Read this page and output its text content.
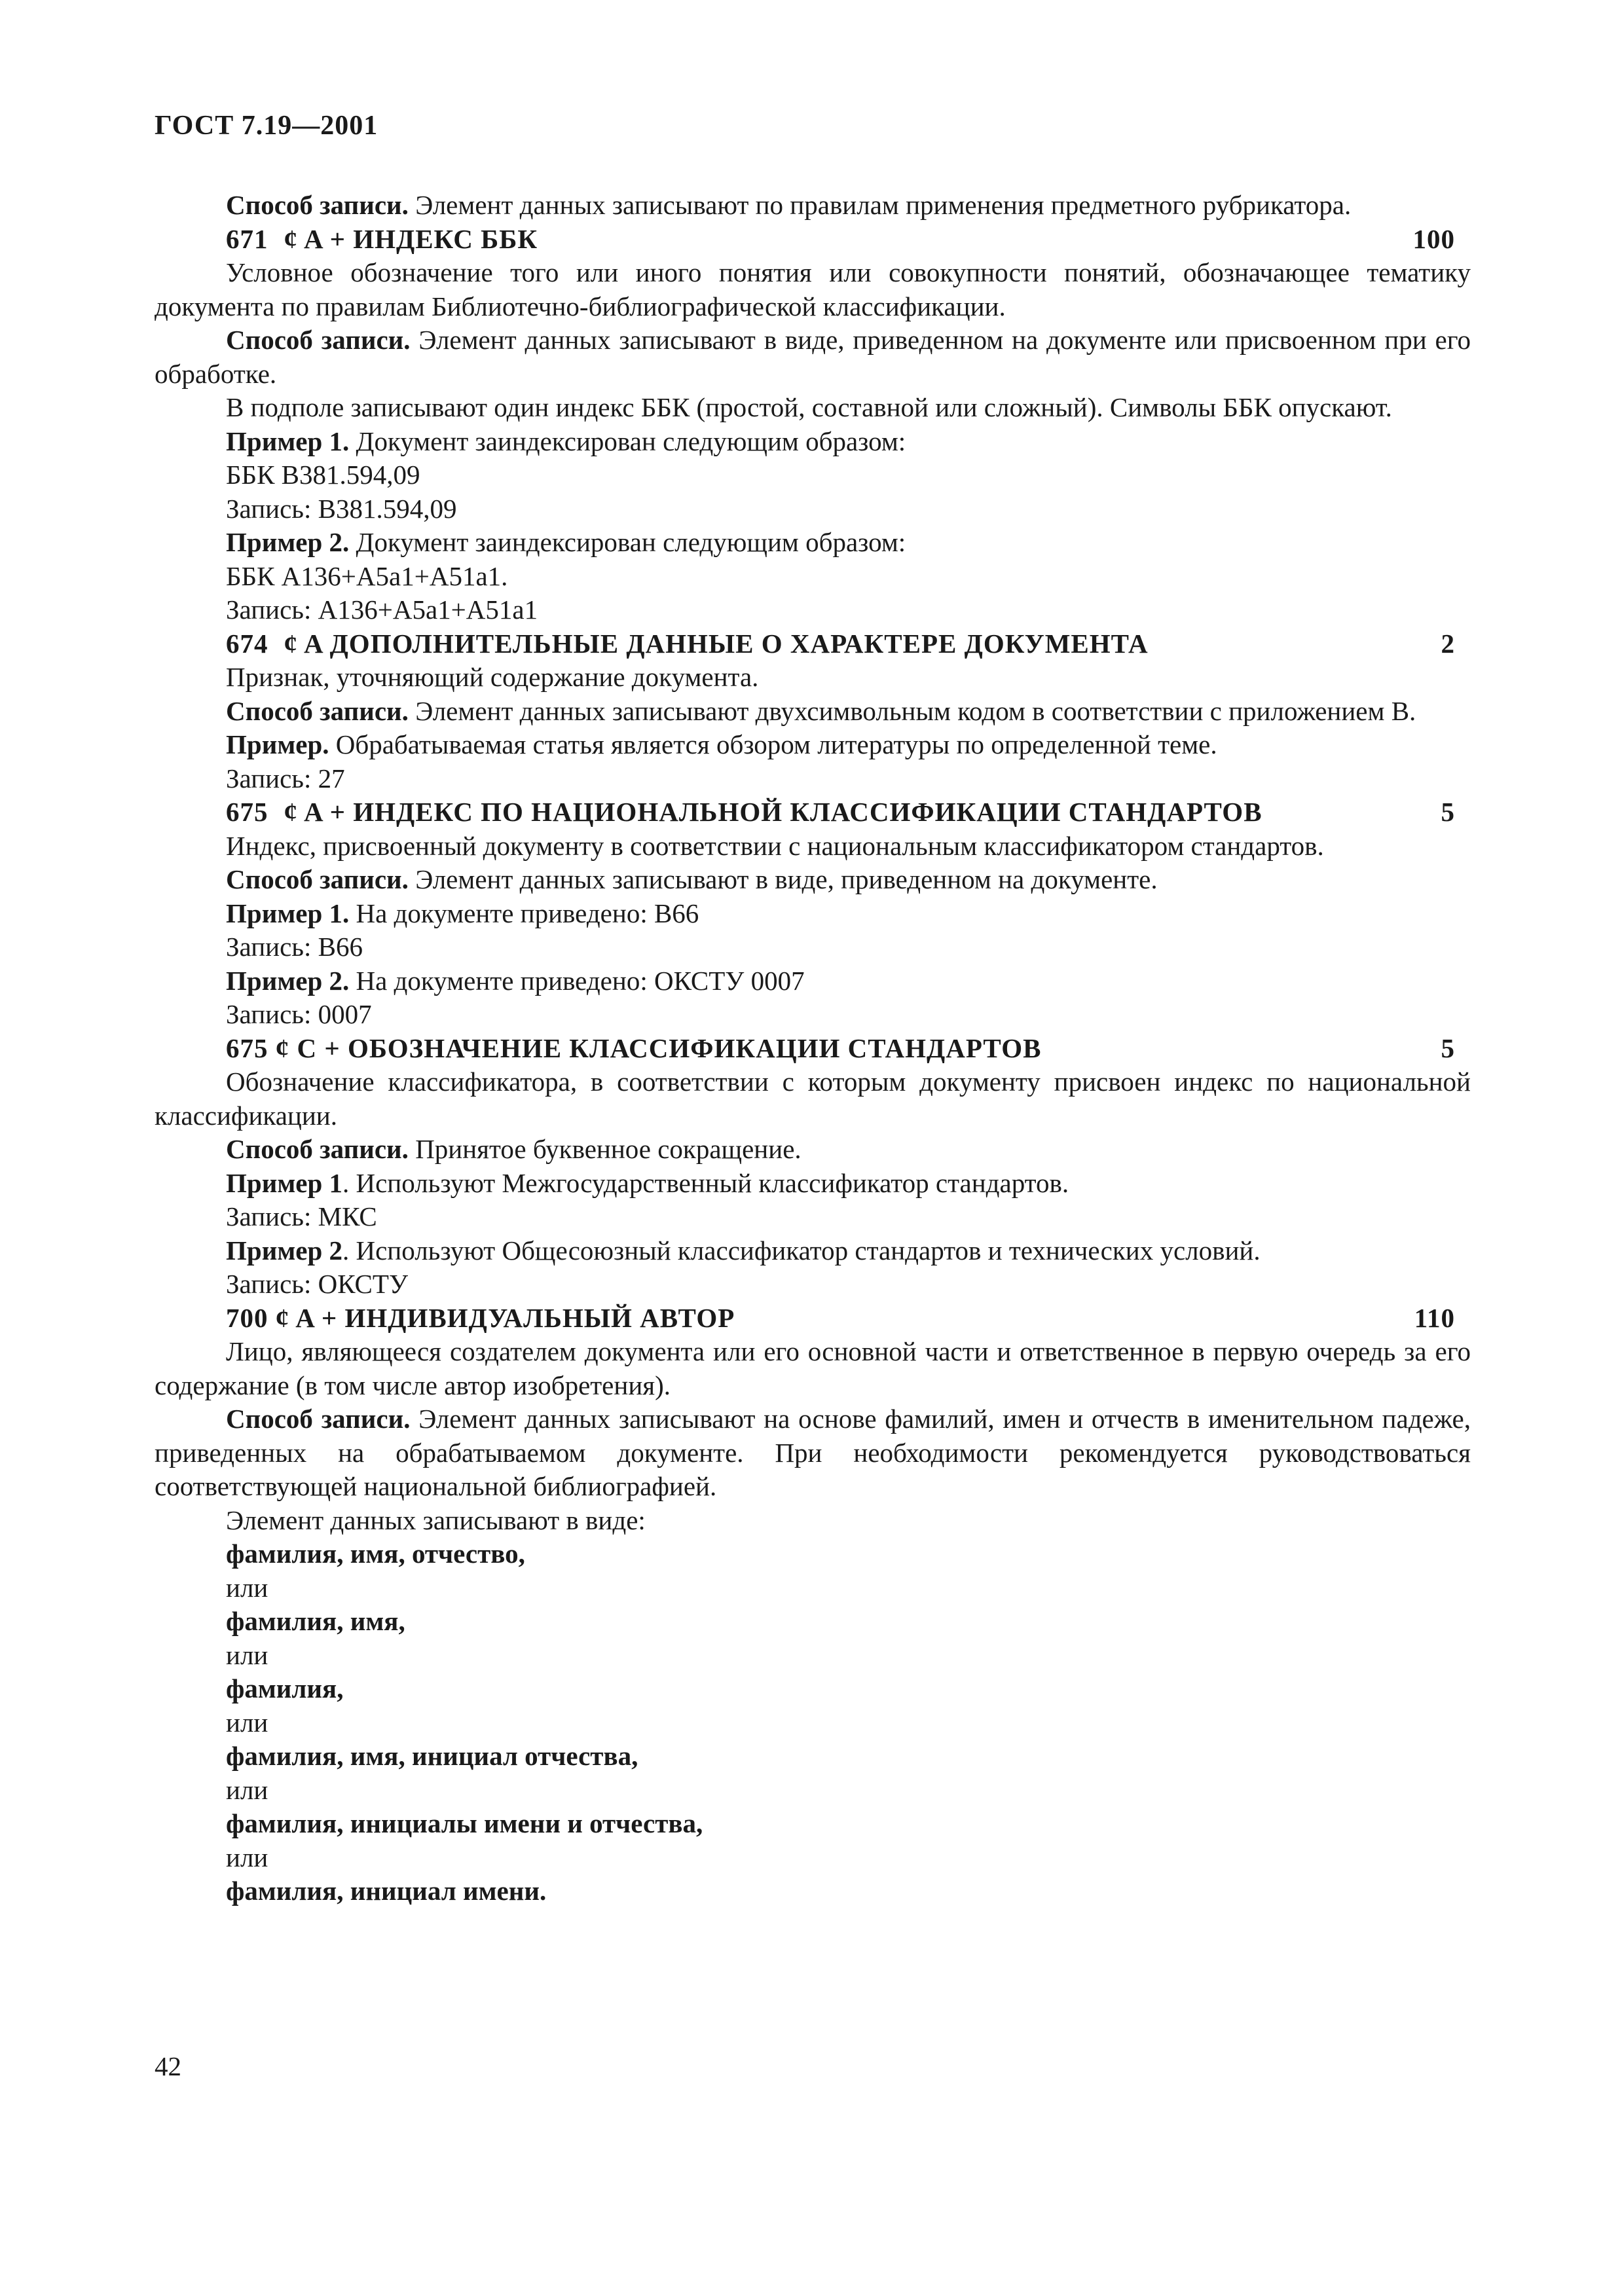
ГОСТ 7.19—2001

Способ записи. Элемент данных записывают по правилам применения предметного рубрикатора.

671 ȼ A + ИНДЕКС ББК	100

Условное обозначение того или иного понятия или совокупности понятий, обозначающее тематику документа по правилам Библиотечно-библиографической классификации.

Способ записи. Элемент данных записывают в виде, приведенном на документе или присвоенном при его обработке.

В подполе записывают один индекс ББК (простой, составной или сложный). Символы ББК опускают.

Пример 1. Документ заиндексирован следующим образом:

ББК В381.594,09

Запись: В381.594,09

Пример 2. Документ заиндексирован следующим образом:

ББК А136+А5а1+А51а1.

Запись: А136+А5а1+А51а1

674 ȼ A ДОПОЛНИТЕЛЬНЫЕ ДАННЫЕ О ХАРАКТЕРЕ ДОКУМЕНТА	2

Признак, уточняющий содержание документа.

Способ записи. Элемент данных записывают двухсимвольным кодом в соответствии с приложением В.

Пример. Обрабатываемая статья является обзором литературы по определенной теме.

Запись: 27

675 ȼ A + ИНДЕКС ПО НАЦИОНАЛЬНОЙ КЛАССИФИКАЦИИ СТАНДАРТОВ	5

Индекс, присвоенный документу в соответствии с национальным классификатором стандартов.

Способ записи. Элемент данных записывают в виде, приведенном на документе.

Пример 1. На документе приведено: В66

Запись: В66

Пример 2. На документе приведено: ОКСТУ 0007

Запись: 0007

675 ȼ C + ОБОЗНАЧЕНИЕ КЛАССИФИКАЦИИ СТАНДАРТОВ	5

Обозначение классификатора, в соответствии с которым документу присвоен индекс по национальной классификации.

Способ записи. Принятое буквенное сокращение.

Пример 1. Используют Межгосударственный классификатор стандартов.

Запись: МКС

Пример 2. Используют Общесоюзный классификатор стандартов и технических условий.

Запись: ОКСТУ

700 ȼ A + ИНДИВИДУАЛЬНЫЙ АВТОР	110

Лицо, являющееся создателем документа или его основной части и ответственное в первую очередь за его содержание (в том числе автор изобретения).

Способ записи. Элемент данных записывают на основе фамилий, имен и отчеств в именительном падеже, приведенных на обрабатываемом документе. При необходимости рекомендуется руководствоваться соответствующей национальной библиографией.

Элемент данных записывают в виде:

фамилия, имя, отчество,

или

фамилия, имя,

или

фамилия,

или

фамилия, имя, инициал отчества,

или

фамилия, инициалы имени и отчества,

или

фамилия, инициал имени.

42
